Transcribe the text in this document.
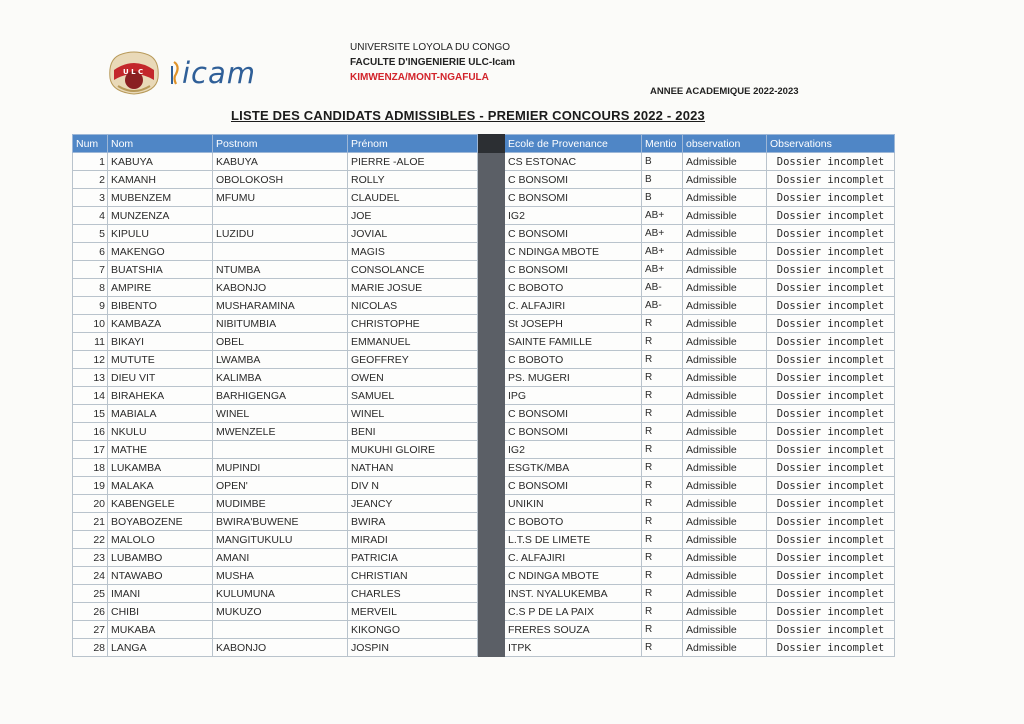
U L C icam
UNIVERSITE LOYOLA DU CONGO
FACULTE D'INGENIERIE ULC-Icam
KIMWENZA/MONT-NGAFULA
ANNEE ACADEMIQUE 2022-2023
LISTE DES CANDIDATS ADMISSIBLES - PREMIER CONCOURS 2022 - 2023
Num	Nom	Postnom	Prénom		Ecole de Provenance	Mentio	observation	Observations
1	KABUYA	KABUYA	PIERRE -ALOE		CS ESTONAC	B	Admissible	Dossier incomplet
2	KAMANH	OBOLOKOSH	ROLLY		C BONSOMI	B	Admissible	Dossier incomplet
3	MUBENZEM	MFUMU	CLAUDEL		C BONSOMI	B	Admissible	Dossier incomplet
4	MUNZENZA		JOE		IG2	AB+	Admissible	Dossier incomplet
5	KIPULU	LUZIDU	JOVIAL		C BONSOMI	AB+	Admissible	Dossier incomplet
6	MAKENGO		MAGIS		C NDINGA MBOTE	AB+	Admissible	Dossier incomplet
7	BUATSHIA	NTUMBA	CONSOLANCE		C BONSOMI	AB+	Admissible	Dossier incomplet
8	AMPIRE	KABONJO	MARIE JOSUE		C BOBOTO	AB-	Admissible	Dossier incomplet
9	BIBENTO	MUSHARAMINA	NICOLAS		C. ALFAJIRI	AB-	Admissible	Dossier incomplet
10	KAMBAZA	NIBITUMBIA	CHRISTOPHE		St JOSEPH	R	Admissible	Dossier incomplet
11	BIKAYI	OBEL	EMMANUEL		SAINTE FAMILLE	R	Admissible	Dossier incomplet
12	MUTUTE	LWAMBA	GEOFFREY		C BOBOTO	R	Admissible	Dossier incomplet
13	DIEU VIT	KALIMBA	OWEN		PS. MUGERI	R	Admissible	Dossier incomplet
14	BIRAHEKA	BARHIGENGA	SAMUEL		IPG	R	Admissible	Dossier incomplet
15	MABIALA	WINEL	WINEL		C BONSOMI	R	Admissible	Dossier incomplet
16	NKULU	MWENZELE	BENI		C BONSOMI	R	Admissible	Dossier incomplet
17	MATHE		MUKUHI GLOIRE		IG2	R	Admissible	Dossier incomplet
18	LUKAMBA	MUPINDI	NATHAN		ESGTK/MBA	R	Admissible	Dossier incomplet
19	MALAKA	OPEN'	DIV N		C BONSOMI	R	Admissible	Dossier incomplet
20	KABENGELE	MUDIMBE	JEANCY		UNIKIN	R	Admissible	Dossier incomplet
21	BOYABOZENE	BWIRA'BUWENE	BWIRA		C BOBOTO	R	Admissible	Dossier incomplet
22	MALOLO	MANGITUKULU	MIRADI		L.T.S DE LIMETE	R	Admissible	Dossier incomplet
23	LUBAMBO	AMANI	PATRICIA		C. ALFAJIRI	R	Admissible	Dossier incomplet
24	NTAWABO	MUSHA	CHRISTIAN		C NDINGA MBOTE	R	Admissible	Dossier incomplet
25	IMANI	KULUMUNA	CHARLES		INST. NYALUKEMBA	R	Admissible	Dossier incomplet
26	CHIBI	MUKUZO	MERVEIL		C.S P DE LA PAIX	R	Admissible	Dossier incomplet
27	MUKABA		KIKONGO		FRERES SOUZA	R	Admissible	Dossier incomplet
28	LANGA	KABONJO	JOSPIN		ITPK	R	Admissible	Dossier incomplet
